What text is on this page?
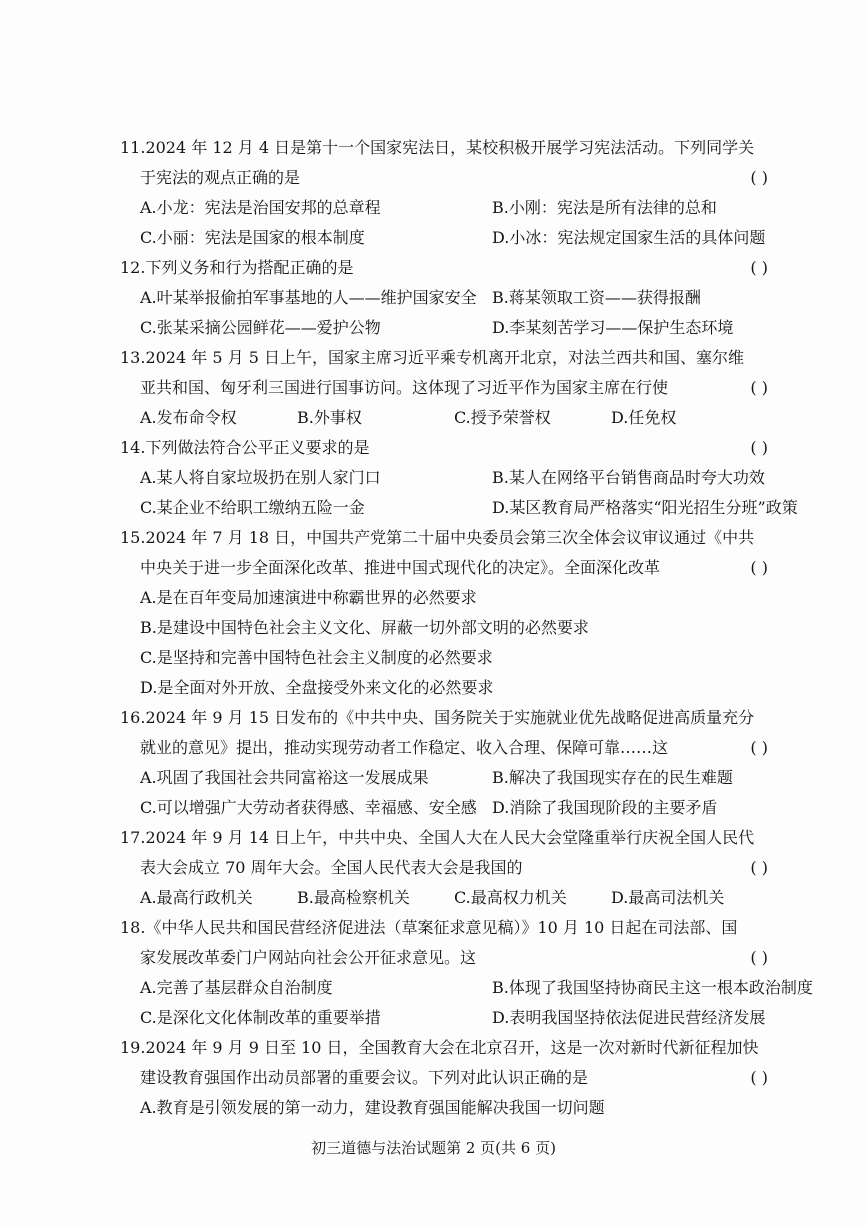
11.2024 年 12 月 4 日是第十一个国家宪法日，某校积极开展学习宪法活动。下列同学关
于宪法的观点正确的是	( )
A.小龙：宪法是治国安邦的总章程	B.小刚：宪法是所有法律的总和
C.小丽：宪法是国家的根本制度	D.小冰：宪法规定国家生活的具体问题
12.下列义务和行为搭配正确的是	( )
A.叶某举报偷拍军事基地的人——维护国家安全 B.蒋某领取工资——获得报酬
C.张某采摘公园鲜花——爱护公物	D.李某刻苦学习——保护生态环境
13.2024 年 5 月 5 日上午，国家主席习近平乘专机离开北京，对法兰西共和国、塞尔维
亚共和国、匈牙利三国进行国事访问。这体现了习近平作为国家主席在行使	( )
A.发布命令权	B.外事权	C.授予荣誉权	D.任免权
14.下列做法符合公平正义要求的是	( )
A.某人将自家垃圾扔在别人家门口	B.某人在网络平台销售商品时夸大功效
C.某企业不给职工缴纳五险一金	D.某区教育局严格落实“阳光招生分班”政策
15.2024 年 7 月 18 日，中国共产党第二十届中央委员会第三次全体会议审议通过《中共
中央关于进一步全面深化改革、推进中国式现代化的决定》。全面深化改革	( )
A.是在百年变局加速演进中称霸世界的必然要求
B.是建设中国特色社会主义文化、屏蔽一切外部文明的必然要求
C.是坚持和完善中国特色社会主义制度的必然要求
D.是全面对外开放、全盘接受外来文化的必然要求
16.2024 年 9 月 15 日发布的《中共中央、国务院关于实施就业优先战略促进高质量充分
就业的意见》提出，推动实现劳动者工作稳定、收入合理、保障可靠……这	( )
A.巩固了我国社会共同富裕这一发展成果	B.解决了我国现实存在的民生难题
C.可以增强广大劳动者获得感、幸福感、安全感 D.消除了我国现阶段的主要矛盾
17.2024 年 9 月 14 日上午，中共中央、全国人大在人民大会堂隆重举行庆祝全国人民代
表大会成立 70 周年大会。全国人民代表大会是我国的	( )
A.最高行政机关	B.最高检察机关	C.最高权力机关	D.最高司法机关
18.《中华人民共和国民营经济促进法（草案征求意见稿）》10 月 10 日起在司法部、国
家发展改革委门户网站向社会公开征求意见。这	( )
A.完善了基层群众自治制度	B.体现了我国坚持协商民主这一根本政治制度
C.是深化文化体制改革的重要举措	D.表明我国坚持依法促进民营经济发展
19.2024 年 9 月 9 日至 10 日，全国教育大会在北京召开，这是一次对新时代新征程加快
建设教育强国作出动员部署的重要会议。下列对此认识正确的是	( )
A.教育是引领发展的第一动力，建设教育强国能解决我国一切问题
初三道德与法治试题第 2 页(共 6 页)
